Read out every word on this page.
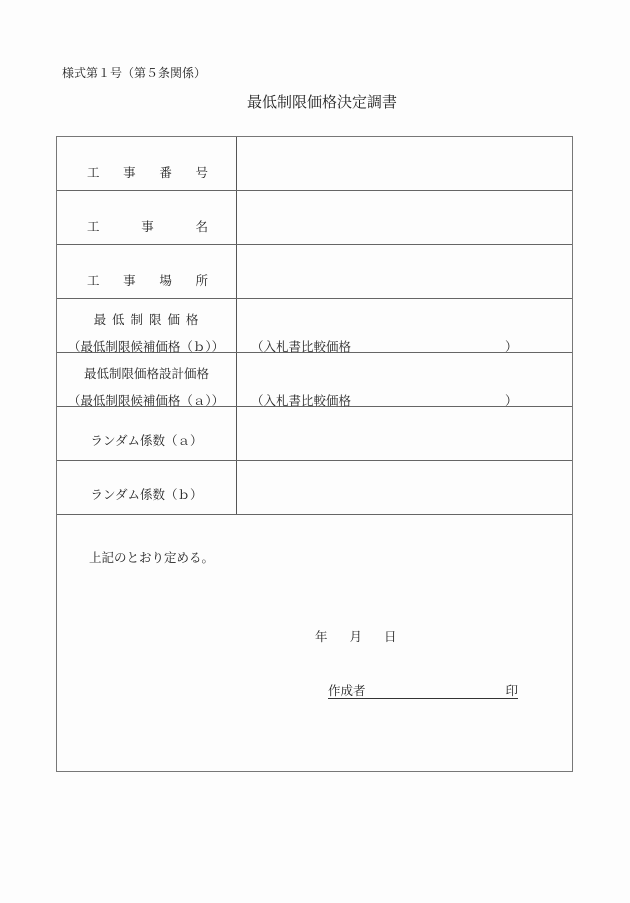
様式第１号（第５条関係）
最低制限価格決定調書
工 事 番 号
工	事	名
工 事 場 所
最 低 制 限 価 格
（最低制限候補価格（ｂ））	（入札書比較価格	）
最低制限価格設計価格
（最低制限候補価格（ａ））	（入札書比較価格	）
ランダム係数（ａ）
ランダム係数（ｂ）
上記のとおり定める。
年 月 日
作成者	印
